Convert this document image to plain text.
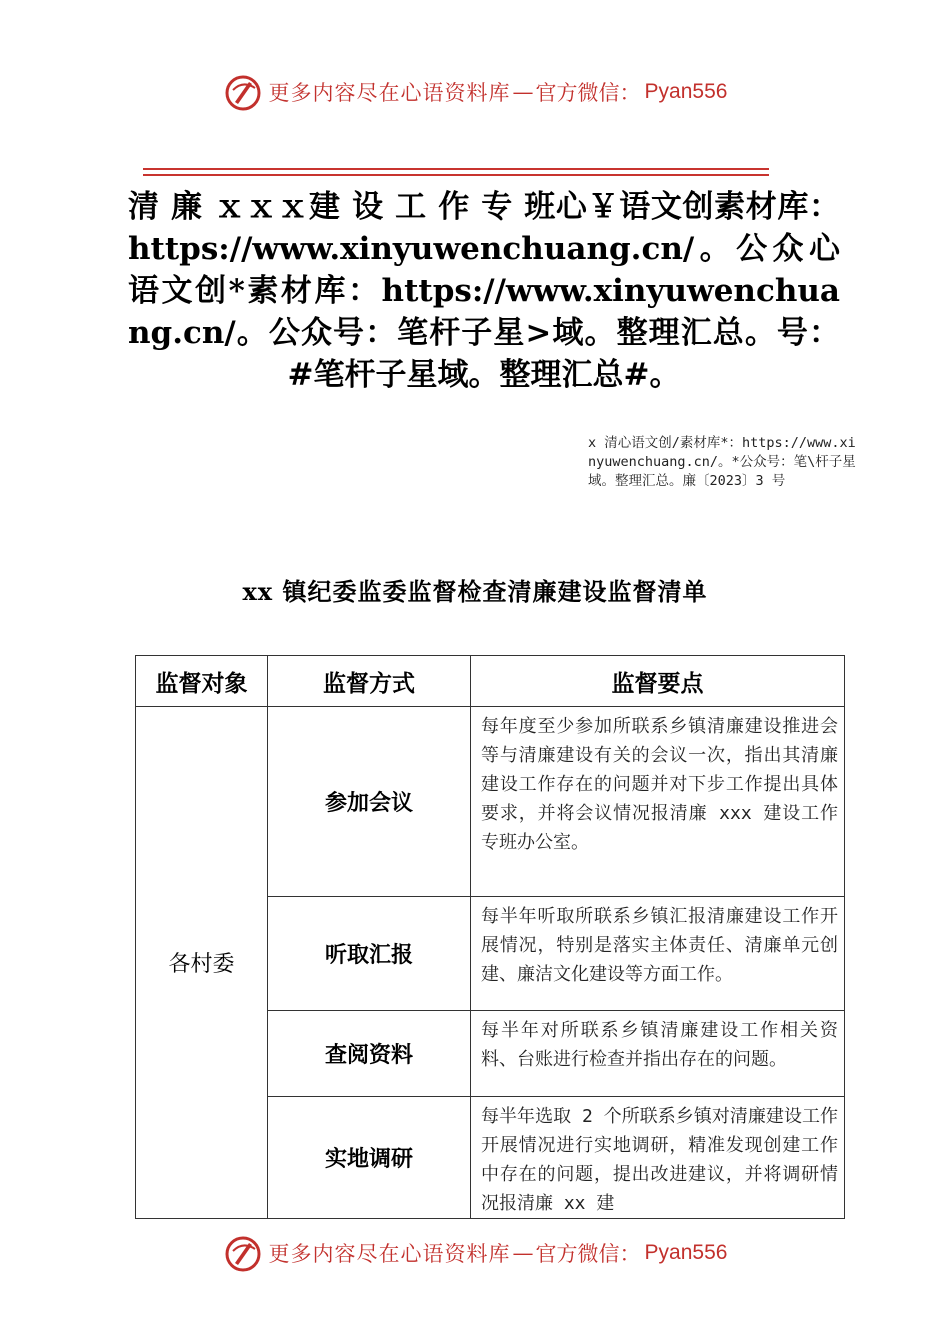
更多内容尽在心语资料库 — 官方微信： Pyan556
清 廉 ｘｘｘ建 设 工 作 专 班心￥语文创素材库：https://www.xinyuwenchuang.cn/。公众心语文创*素材库：https://www.xinyuwenchuang.cn/。公众号：笔杆子星>域。整理汇总。号：#笔杆子星域。整理汇总#。
x 清心语文创/素材库*：https://www.xinyuwenchuang.cn/。*公众号：笔\杆子星域。整理汇总。廉〔2023〕3 号
xx 镇纪委监委监督检查清廉建设监督清单
监督对象	监督方式	监督要点
各村委	参加会议	每年度至少参加所联系乡镇清廉建设推进会等与清廉建设有关的会议一次，指出其清廉建设工作存在的问题并对下步工作提出具体要求，并将会议情况报清廉 xxx 建设工作专班办公室。
	听取汇报	每半年听取所联系乡镇汇报清廉建设工作开展情况，特别是落实主体责任、清廉单元创建、廉洁文化建设等方面工作。
	查阅资料	每半年对所联系乡镇清廉建设工作相关资料、台账进行检查并指出存在的问题。
	实地调研	每半年选取 2 个所联系乡镇对清廉建设工作开展情况进行实地调研，精准发现创建工作中存在的问题，提出改进建议，并将调研情况报清廉 xx 建
更多内容尽在心语资料库 — 官方微信： Pyan556
